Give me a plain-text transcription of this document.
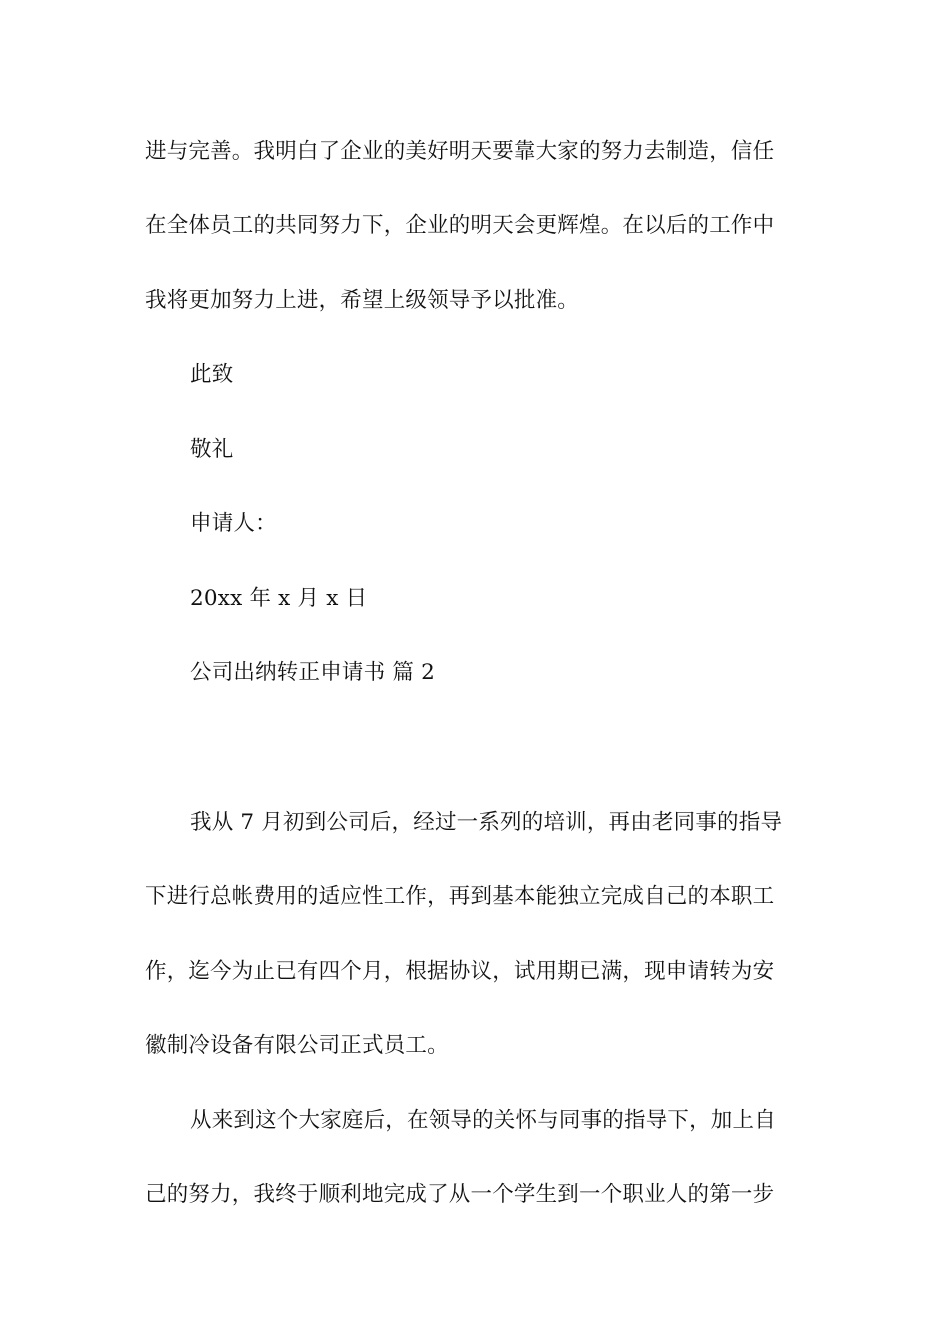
进与完善。我明白了企业的美好明天要靠大家的努力去制造，信任
在全体员工的共同努力下，企业的明天会更辉煌。在以后的工作中
我将更加努力上进，希望上级领导予以批准。
此致
敬礼
申请人：
20xx 年 x 月 x 日
公司出纳转正申请书 篇 2
我从 7 月初到公司后，经过一系列的培训，再由老同事的指导
下进行总帐费用的适应性工作，再到基本能独立完成自己的本职工
作，迄今为止已有四个月，根据协议，试用期已满，现申请转为安
徽制冷设备有限公司正式员工。
从来到这个大家庭后，在领导的关怀与同事的指导下，加上自
己的努力，我终于顺利地完成了从一个学生到一个职业人的第一步
